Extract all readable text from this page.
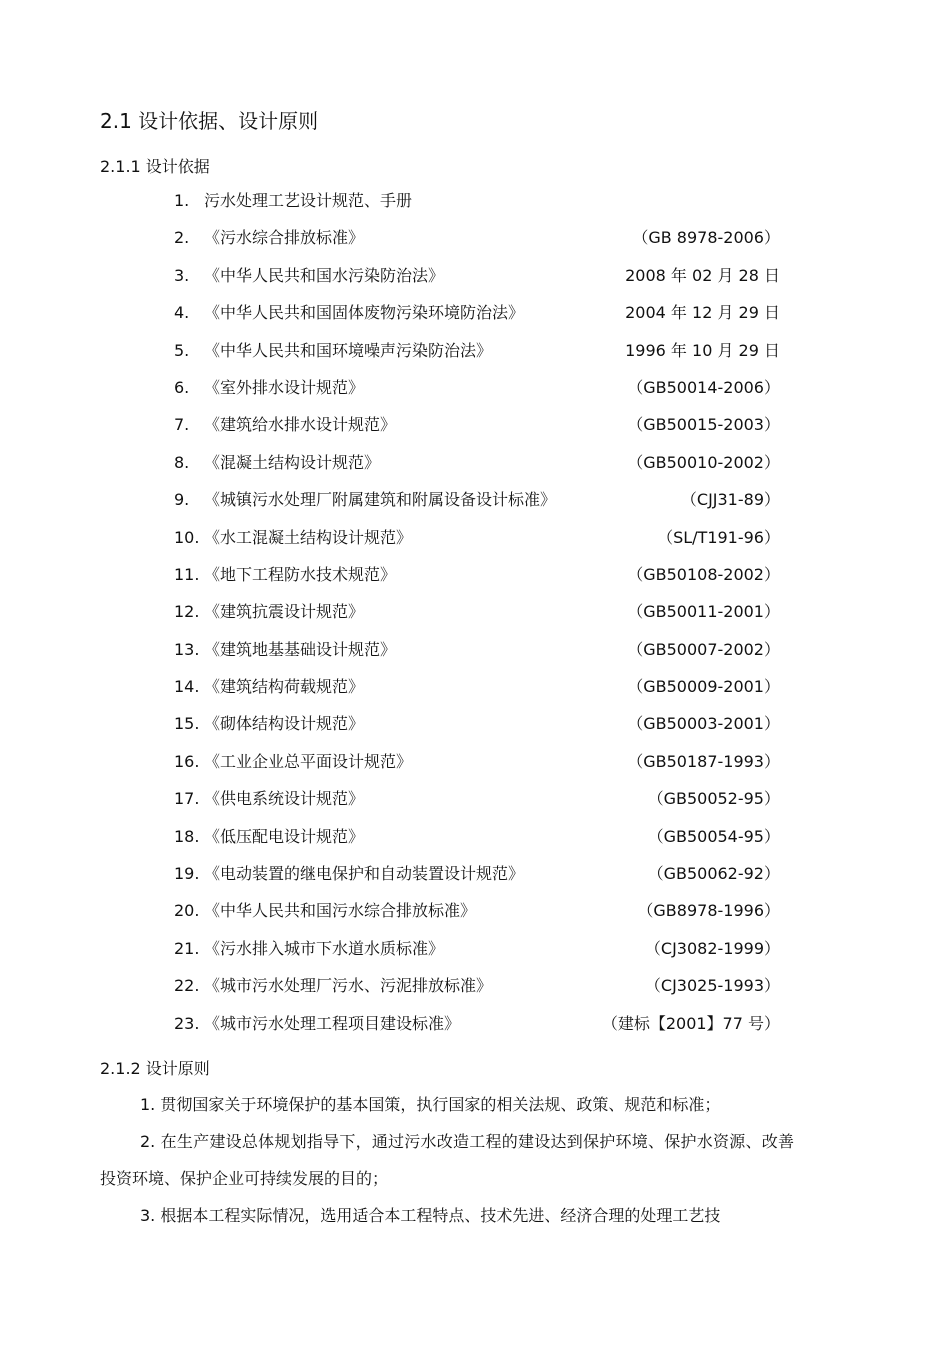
2.1 设计依据、设计原则
2.1.1 设计依据
1. 污水处理工艺设计规范、手册
2. 《污水综合排放标准》	（GB 8978-2006）
3. 《中华人民共和国水污染防治法》	2008 年 02 月 28 日
4. 《中华人民共和国固体废物污染环境防治法》	2004 年 12 月 29 日
5. 《中华人民共和国环境噪声污染防治法》	1996 年 10 月 29 日
6. 《室外排水设计规范》	（GB50014-2006）
7. 《建筑给水排水设计规范》	（GB50015-2003）
8. 《混凝土结构设计规范》	（GB50010-2002）
9. 《城镇污水处理厂附属建筑和附属设备设计标准》	（CJJ31-89）
10. 《水工混凝土结构设计规范》	（SL/T191-96）
11. 《地下工程防水技术规范》	（GB50108-2002）
12. 《建筑抗震设计规范》	（GB50011-2001）
13. 《建筑地基基础设计规范》	（GB50007-2002）
14. 《建筑结构荷载规范》	（GB50009-2001）
15. 《砌体结构设计规范》	（GB50003-2001）
16. 《工业企业总平面设计规范》	（GB50187-1993）
17. 《供电系统设计规范》	（GB50052-95）
18. 《低压配电设计规范》	（GB50054-95）
19. 《电动装置的继电保护和自动装置设计规范》	（GB50062-92）
20. 《中华人民共和国污水综合排放标准》	（GB8978-1996）
21. 《污水排入城市下水道水质标准》	（CJ3082-1999）
22. 《城市污水处理厂污水、污泥排放标准》	（CJ3025-1993）
23. 《城市污水处理工程项目建设标准》	（建标【2001】77 号）
2.1.2 设计原则

1. 贯彻国家关于环境保护的基本国策，执行国家的相关法规、政策、规范和标准；

2. 在生产建设总体规划指导下，通过污水改造工程的建设达到保护环境、保护水资源、改善投资环境、保护企业可持续发展的目的；

3. 根据本工程实际情况，选用适合本工程特点、技术先进、经济合理的处理工艺技
